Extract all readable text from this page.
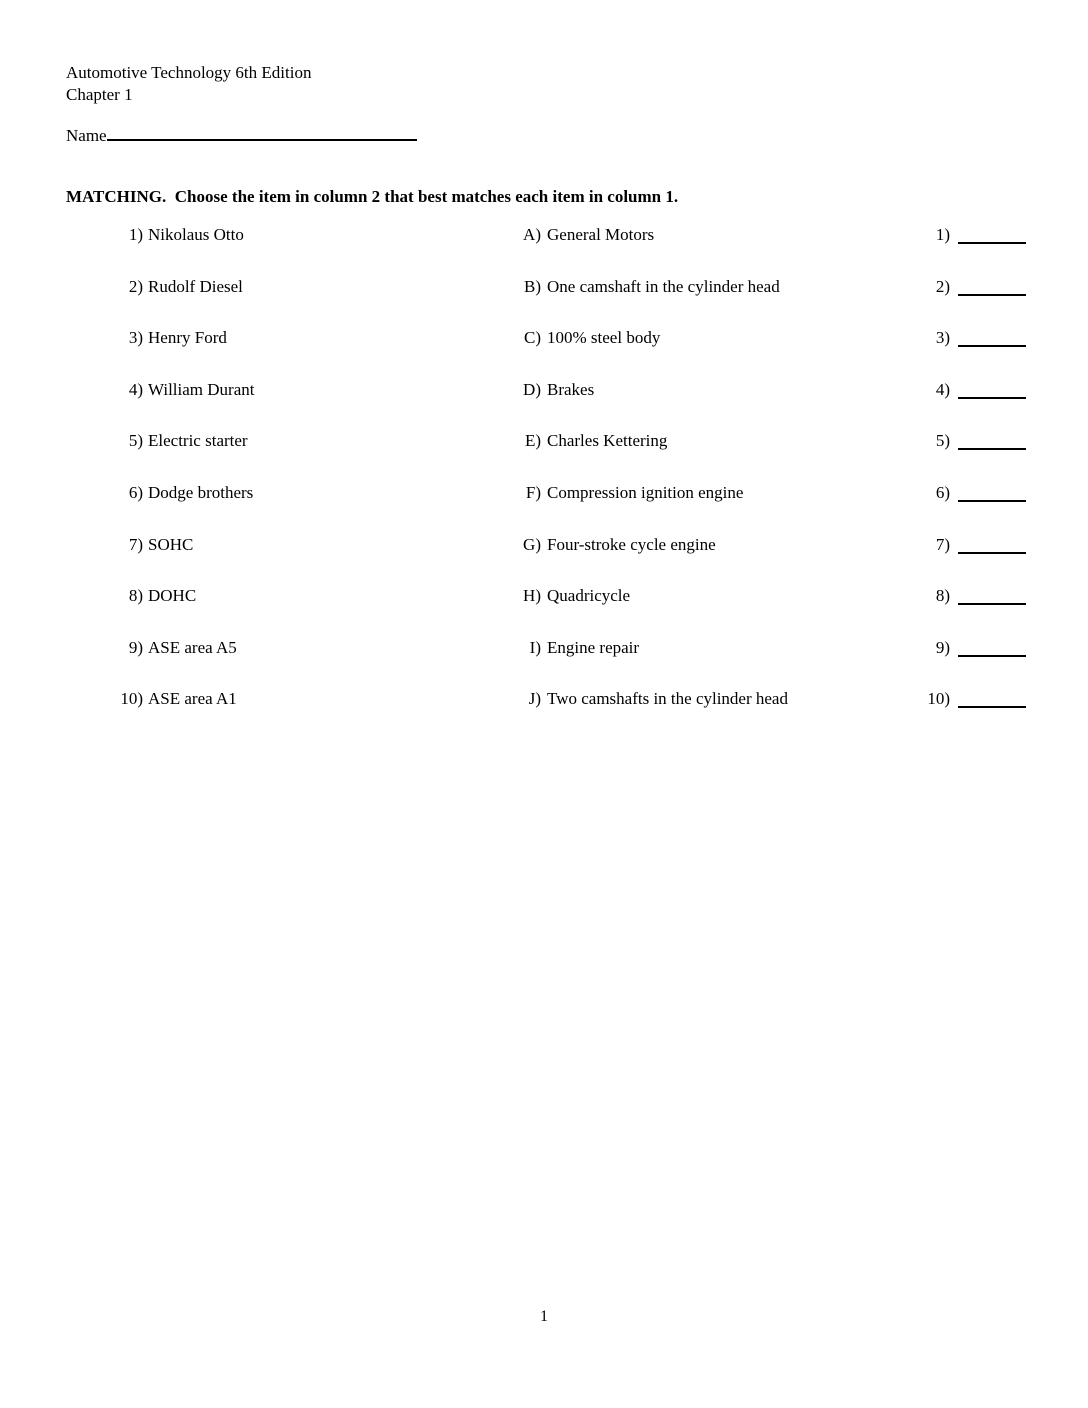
Automotive Technology 6th Edition
Chapter 1
Name
MATCHING.  Choose the item in column 2 that best matches each item in column 1.
1) Nikolaus Otto	A) General Motors	1)
2) Rudolf Diesel	B) One camshaft in the cylinder head	2)
3) Henry Ford	C) 100% steel body	3)
4) William Durant	D) Brakes	4)
5) Electric starter	E) Charles Kettering	5)
6) Dodge brothers	F) Compression ignition engine	6)
7) SOHC	G) Four-stroke cycle engine	7)
8) DOHC	H) Quadricycle	8)
9) ASE area A5	I) Engine repair	9)
10) ASE area A1	J) Two camshafts in the cylinder head	10)
1
